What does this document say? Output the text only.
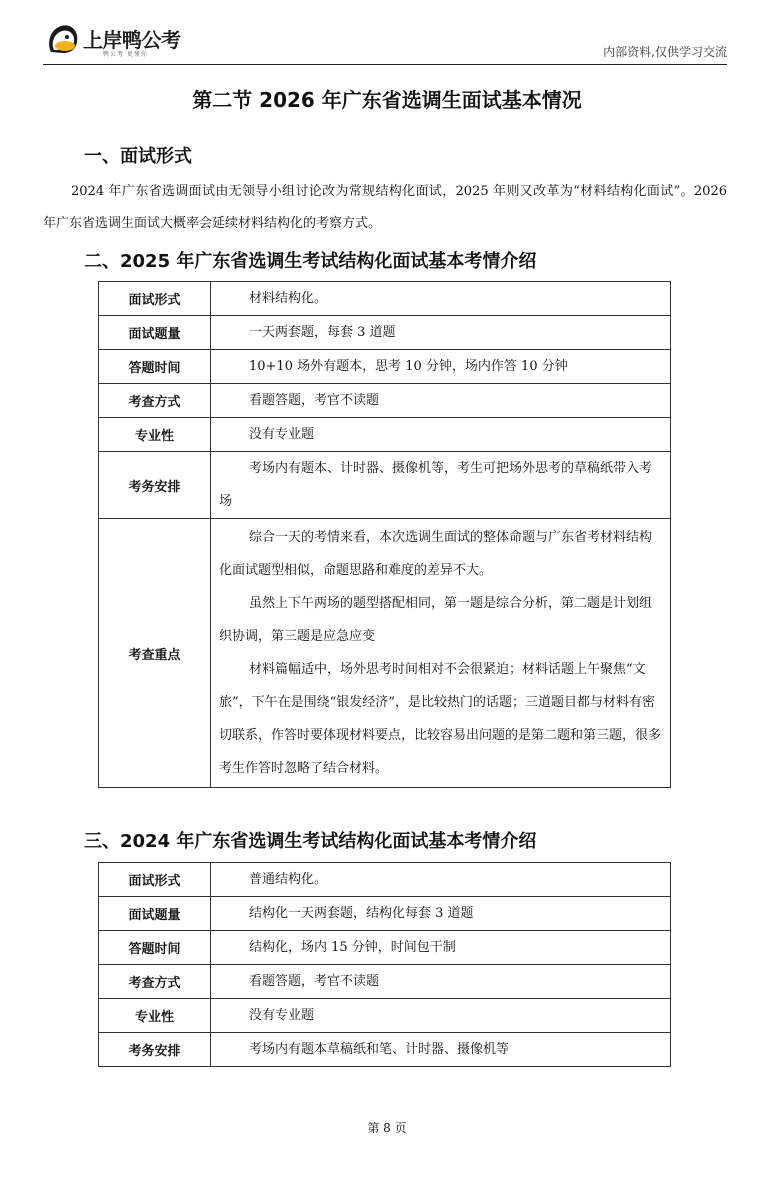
上岸鸭公考
鸭公考 更懂你	内部资料,仅供学习交流
第二节 2026 年广东省选调生面试基本情况
一、面试形式
2024 年广东省选调面试由无领导小组讨论改为常规结构化面试，2025 年则又改革为“材料结构化面试”。2026 年广东省选调生面试大概率会延续材料结构化的考察方式。
二、2025 年广东省选调生考试结构化面试基本考情介绍
面试形式	材料结构化。

面试题量	一天两套题，每套 3 道题

答题时间	10+10 场外有题本，思考 10 分钟，场内作答 10 分钟

考查方式	看题答题，考官不读题

专业性	没有专业题

考务安排	考场内有题本、计时器、摄像机等，考生可把场外思考的草稿纸带入考场

考查重点	综合一天的考情来看，本次选调生面试的整体命题与广东省考材料结构化面试题型相似，命题思路和难度的差异不大。
虽然上下午两场的题型搭配相同，第一题是综合分析，第二题是计划组织协调，第三题是应急应变
材料篇幅适中，场外思考时间相对不会很紧迫；材料话题上午聚焦“文旅”，下午在是围绕“银发经济”，是比较热门的话题；三道题目都与材料有密切联系，作答时要体现材料要点，比较容易出问题的是第二题和第三题，很多考生作答时忽略了结合材料。
三、2024 年广东省选调生考试结构化面试基本考情介绍
面试形式	普通结构化。

面试题量	结构化一天两套题，结构化每套 3 道题

答题时间	结构化，场内 15 分钟，时间包干制

考查方式	看题答题，考官不读题

专业性	没有专业题

考务安排	考场内有题本草稿纸和笔、计时器、摄像机等
第 8 页
